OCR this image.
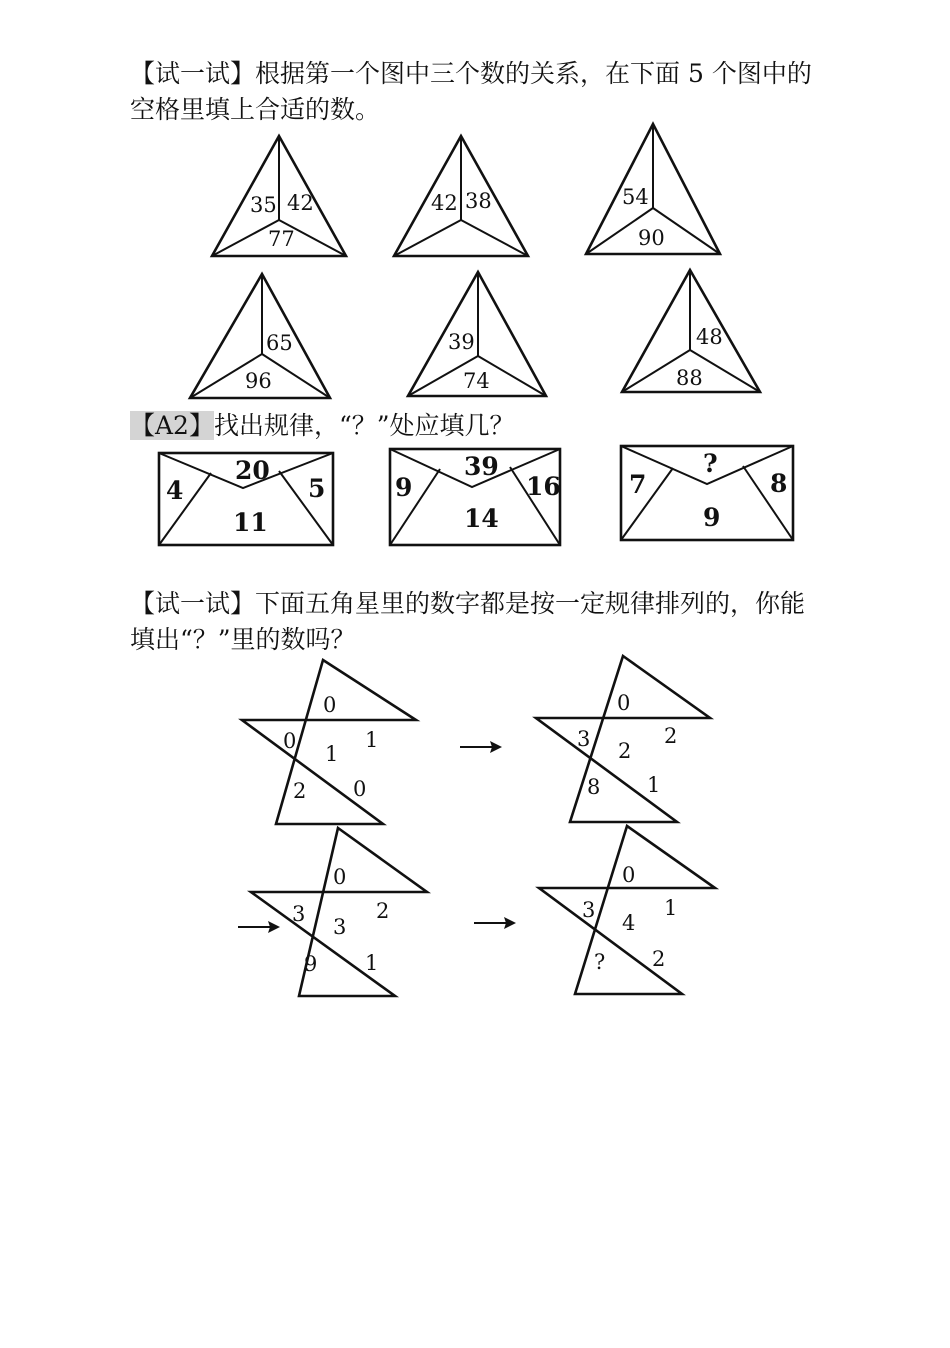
【试一试】根据第一个图中三个数的关系，在下面 5 个图中的空格里填上合适的数。

35 42
77
42 38	54
90
65
96
39
74
48
88

【A2】找出规律，“？”处应填几？

20
4	5
11
39
9	16
14
?
7	8
9

【试一试】下面五角星里的数字都是按一定规律排列的，你能填出“？”里的数吗？

0
0	1
1
2 0
0
3	2
2
8 1
0
3	2
3
9 1
0
3	1
4
? 2
